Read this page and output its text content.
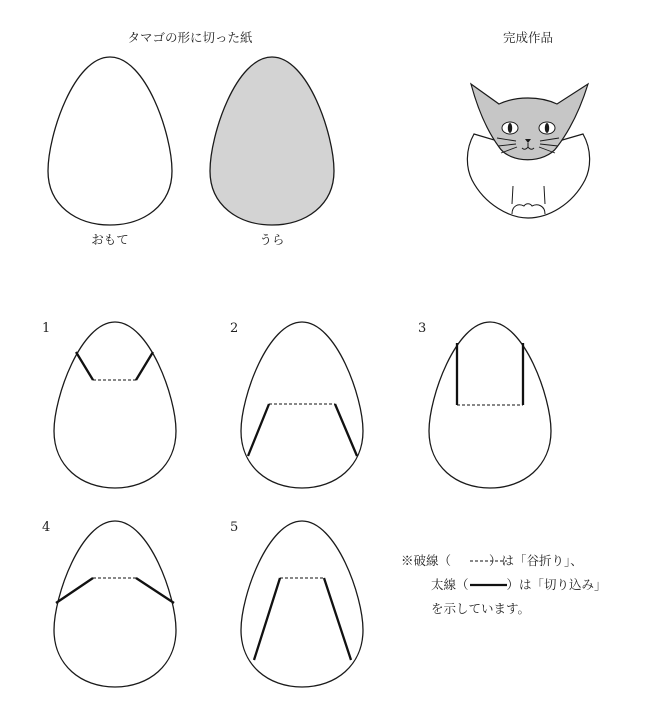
タマゴの形に切った紙	完成作品
おもて	うら
1	2	3
4	5
※破線（	）は「谷折り」、
太線（	）は「切り込み」
を示しています。
